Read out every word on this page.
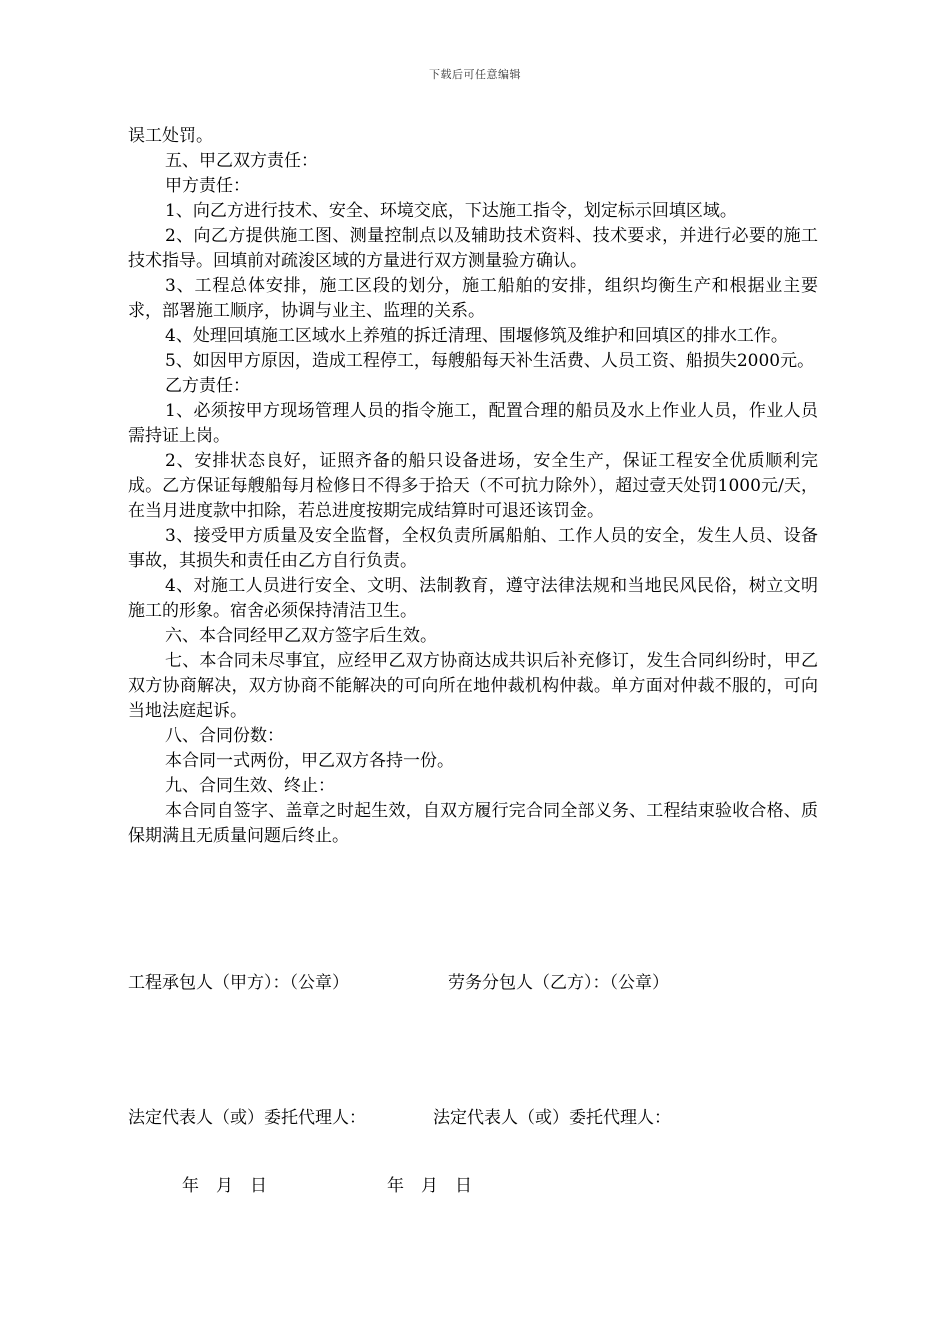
下载后可任意编辑

误工处罚。

五、甲乙双方责任：

甲方责任：

1、向乙方进行技术、安全、环境交底，下达施工指令，划定标示回填区域。

2、向乙方提供施工图、测量控制点以及辅助技术资料、技术要求，并进行必要的施工技术指导。回填前对疏浚区域的方量进行双方测量验方确认。

3、工程总体安排，施工区段的划分，施工船舶的安排，组织均衡生产和根据业主要求，部署施工顺序，协调与业主、监理的关系。

4、处理回填施工区域水上养殖的拆迁清理、围堰修筑及维护和回填区的排水工作。

5、如因甲方原因，造成工程停工，每艘船每天补生活费、人员工资、船损失2000元。

乙方责任：

1、必须按甲方现场管理人员的指令施工，配置合理的船员及水上作业人员，作业人员需持证上岗。

2、安排状态良好，证照齐备的船只设备进场，安全生产，保证工程安全优质顺利完成。乙方保证每艘船每月检修日不得多于拾天（不可抗力除外），超过壹天处罚1000元/天，在当月进度款中扣除，若总进度按期完成结算时可退还该罚金。

3、接受甲方质量及安全监督，全权负责所属船舶、工作人员的安全，发生人员、设备事故，其损失和责任由乙方自行负责。

4、对施工人员进行安全、文明、法制教育，遵守法律法规和当地民风民俗，树立文明施工的形象。宿舍必须保持清洁卫生。

六、本合同经甲乙双方签字后生效。

七、本合同未尽事宜，应经甲乙双方协商达成共识后补充修订，发生合同纠纷时，甲乙双方协商解决，双方协商不能解决的可向所在地仲裁机构仲裁。单方面对仲裁不服的，可向当地法庭起诉。

八、合同份数：

本合同一式两份，甲乙双方各持一份。

九、合同生效、终止：

本合同自签字、盖章之时起生效，自双方履行完合同全部义务、工程结束验收合格、质保期满且无质量问题后终止。

工程承包人（甲方）：（公章）	劳务分包人（乙方）：（公章）
法定代表人（或）委托代理人：	法定代表人（或）委托代理人：
年　月　日	年　月　日
